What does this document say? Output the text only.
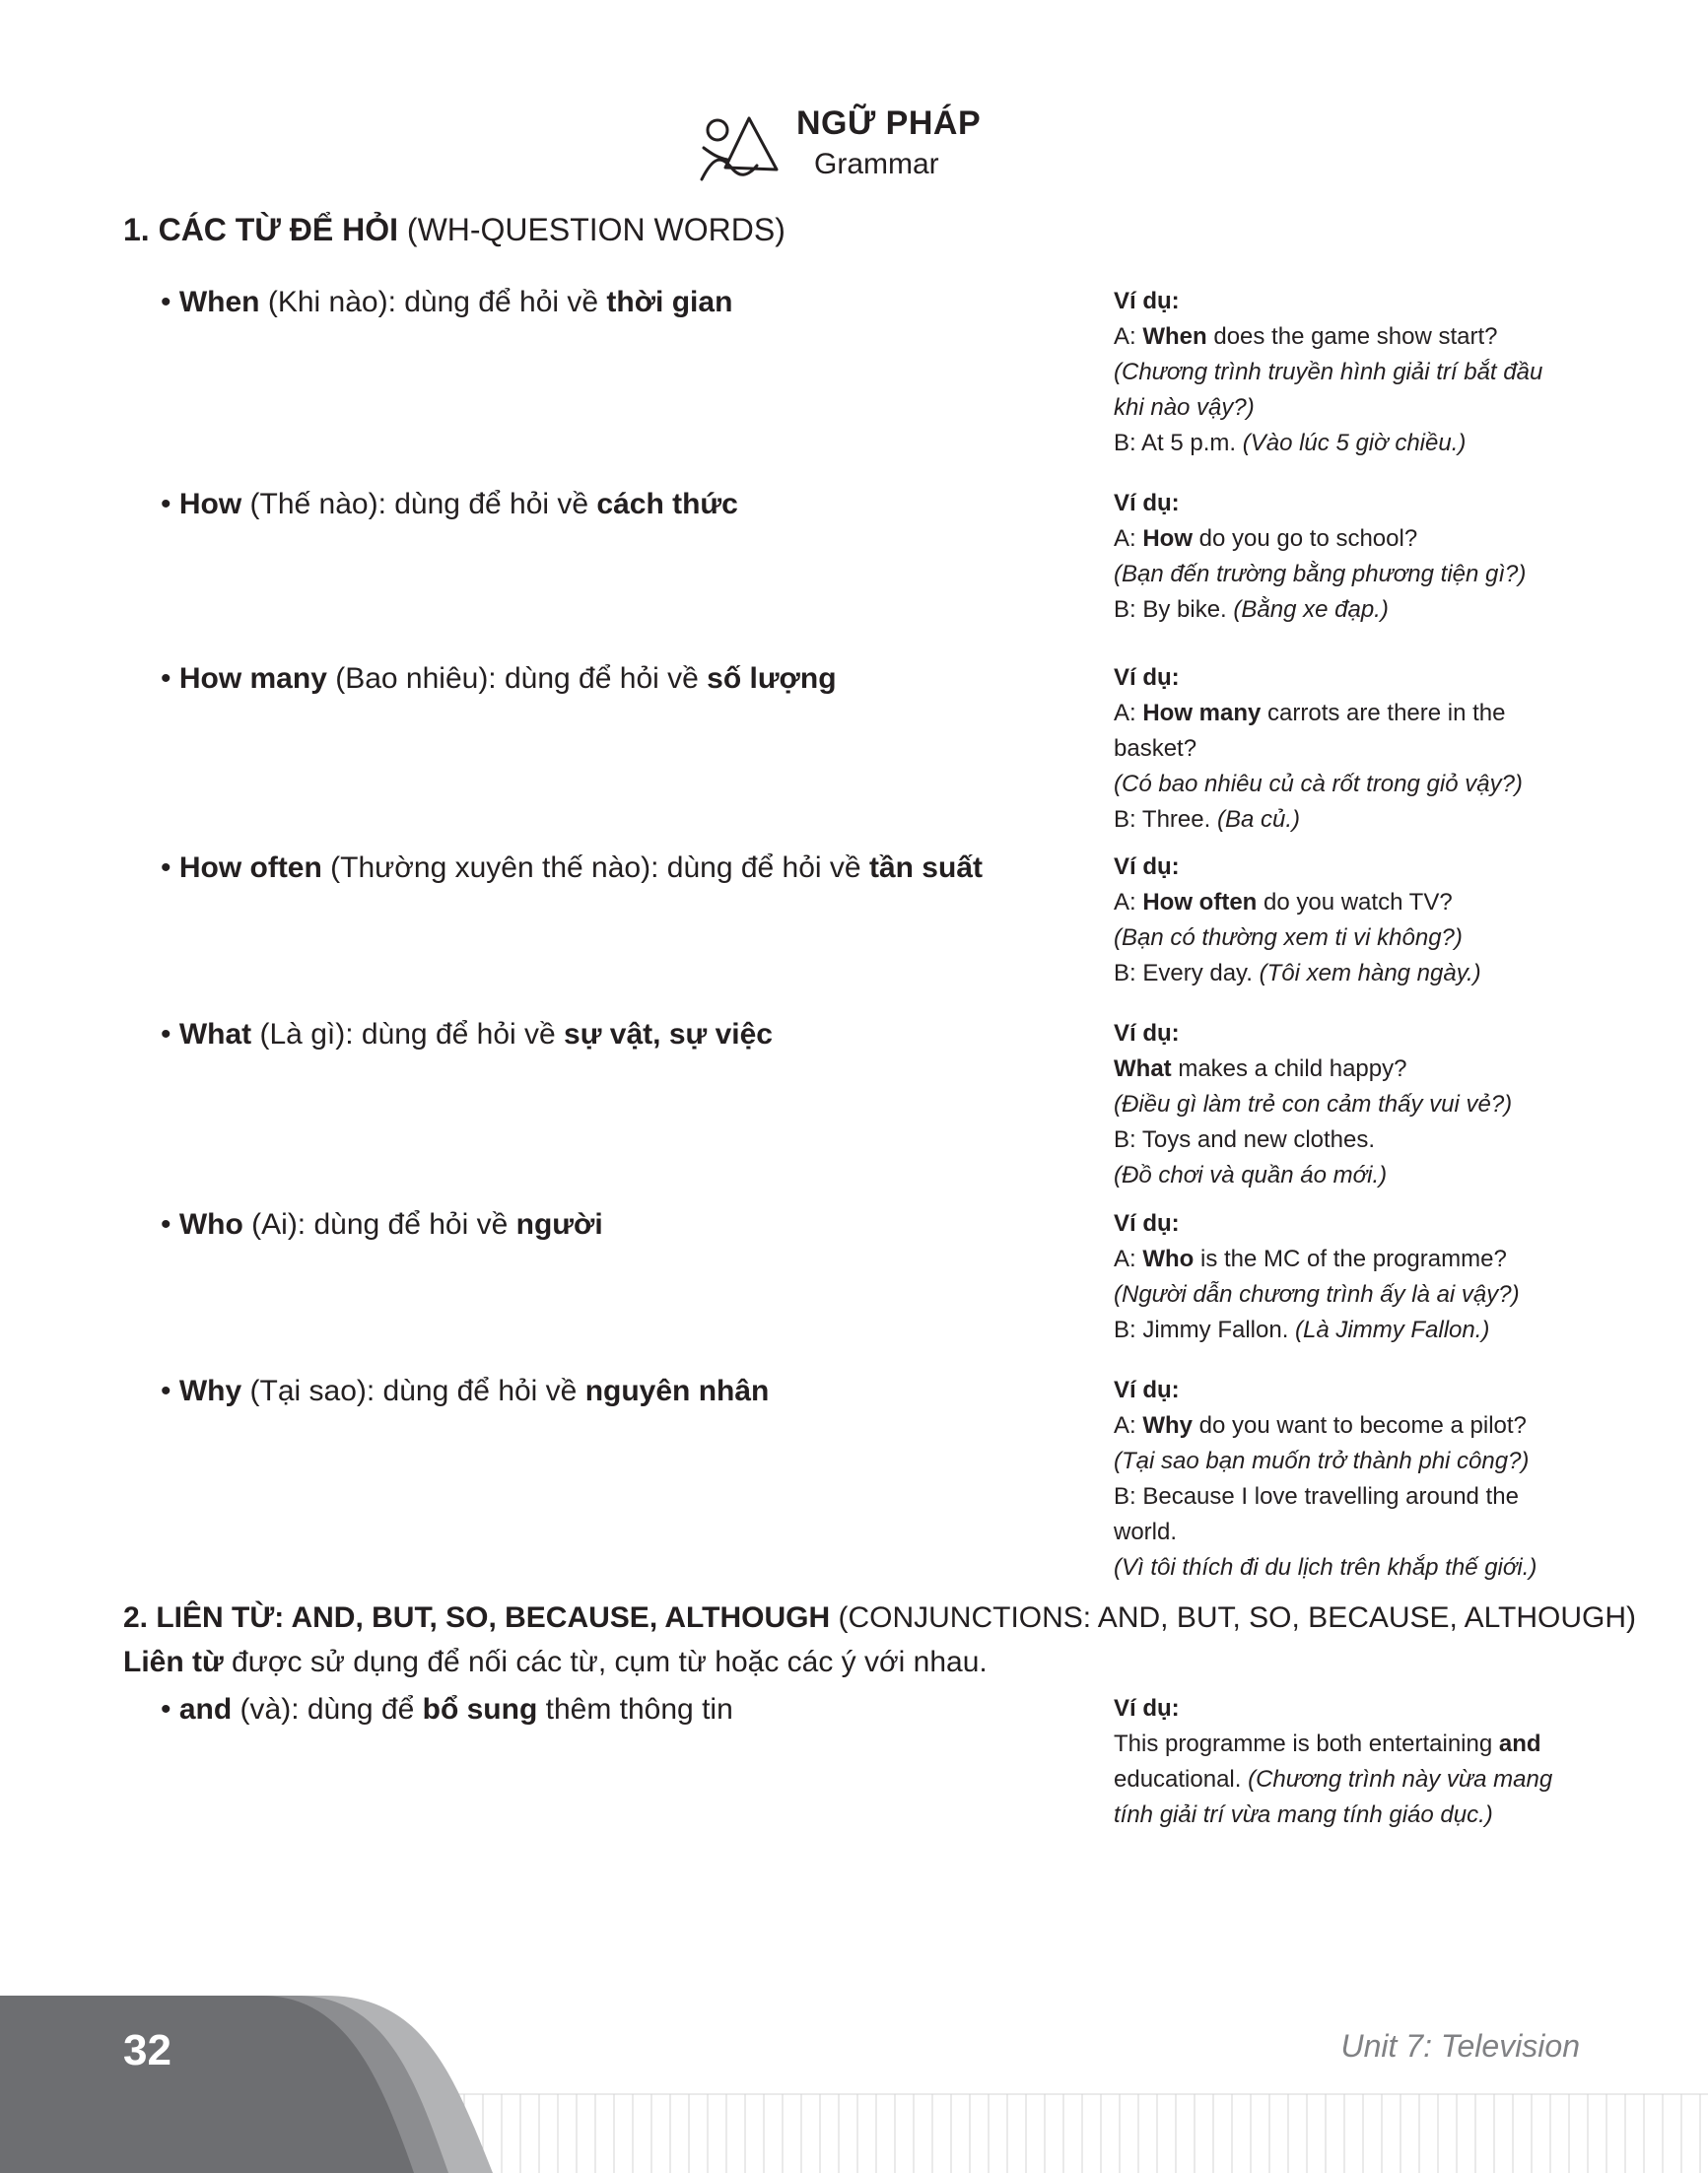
NGỮ PHÁP
Grammar
1. CÁC TỪ ĐỂ HỎI (WH-QUESTION WORDS)
• When (Khi nào): dùng để hỏi về thời gian	Ví dụ:
A: When does the game show start?
(Chương trình truyền hình giải trí bắt đầu
khi nào vậy?)
B: At 5 p.m. (Vào lúc 5 giờ chiều.)
• How (Thế nào): dùng để hỏi về cách thức	Ví dụ:
A: How do you go to school?
(Bạn đến trường bằng phương tiện gì?)
B: By bike. (Bằng xe đạp.)
• How many (Bao nhiêu): dùng để hỏi về số lượng	Ví dụ:
A: How many carrots are there in the
basket?
(Có bao nhiêu củ cà rốt trong giỏ vậy?)
B: Three. (Ba củ.)
• How often (Thường xuyên thế nào): dùng để hỏi về tần suất	Ví dụ:
A: How often do you watch TV?
(Bạn có thường xem ti vi không?)
B: Every day. (Tôi xem hàng ngày.)
• What (Là gì): dùng để hỏi về sự vật, sự việc	Ví dụ:
What makes a child happy?
(Điều gì làm trẻ con cảm thấy vui vẻ?)
B: Toys and new clothes.
(Đồ chơi và quần áo mới.)
• Who (Ai): dùng để hỏi về người	Ví dụ:
A: Who is the MC of the programme?
(Người dẫn chương trình ấy là ai vậy?)
B: Jimmy Fallon. (Là Jimmy Fallon.)
• Why (Tại sao): dùng để hỏi về nguyên nhân	Ví dụ:
A: Why do you want to become a pilot?
(Tại sao bạn muốn trở thành phi công?)
B: Because I love travelling around the
world.
(Vì tôi thích đi du lịch trên khắp thế giới.)
2. LIÊN TỪ: AND, BUT, SO, BECAUSE, ALTHOUGH (CONJUNCTIONS: AND, BUT, SO, BECAUSE, ALTHOUGH)
Liên từ được sử dụng để nối các từ, cụm từ hoặc các ý với nhau.
• and (và): dùng để bổ sung thêm thông tin	Ví dụ:
This programme is both entertaining and
educational. (Chương trình này vừa mang
tính giải trí vừa mang tính giáo dục.)
32	Unit 7: Television
